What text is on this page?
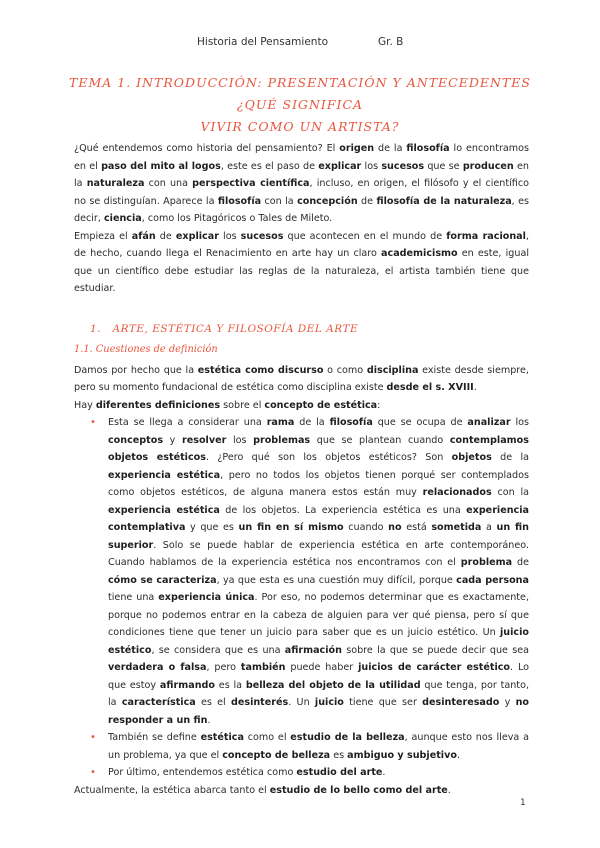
Historia del Pensamiento	Gr. B
TEMA 1. INTRODUCCIÓN: PRESENTACIÓN Y ANTECEDENTES ¿QUÉ SIGNIFICA
VIVIR COMO UN ARTISTA?

¿Qué entendemos como historia del pensamiento? El origen de la filosofía lo encontramos en el paso del mito al logos, este es el paso de explicar los sucesos que se producen en la naturaleza con una perspectiva científica, incluso, en origen, el filósofo y el científico no se distinguían. Aparece la filosofía con la concepción de filosofía de la naturaleza, es decir, ciencia, como los Pitagóricos o Tales de Mileto.

Empieza el afán de explicar los sucesos que acontecen en el mundo de forma racional, de hecho, cuando llega el Renacimiento en arte hay un claro academicismo en este, igual que un científico debe estudiar las reglas de la naturaleza, el artista también tiene que estudiar.

1. ARTE, ESTÉTICA Y FILOSOFÍA DEL ARTE
1.1. Cuestiones de definición

Damos por hecho que la estética como discurso o como disciplina existe desde siempre, pero su momento fundacional de estética como disciplina existe desde el s. XVIII.

Hay diferentes definiciones sobre el concepto de estética:

• Esta se llega a considerar una rama de la filosofía que se ocupa de analizar los conceptos y resolver los problemas que se plantean cuando contemplamos objetos estéticos. ¿Pero qué son los objetos estéticos? Son objetos de la experiencia estética, pero no todos los objetos tienen porqué ser contemplados como objetos estéticos, de alguna manera estos están muy relacionados con la experiencia estética de los objetos. La experiencia estética es una experiencia contemplativa y que es un fin en sí mismo cuando no está sometida a un fin superior. Solo se puede hablar de experiencia estética en arte contemporáneo. Cuando hablamos de la experiencia estética nos encontramos con el problema de cómo se caracteriza, ya que esta es una cuestión muy difícil, porque cada persona tiene una experiencia única. Por eso, no podemos determinar que es exactamente, porque no podemos entrar en la cabeza de alguien para ver qué piensa, pero sí que condiciones tiene que tener un juicio para saber que es un juicio estético. Un juicio estético, se considera que es una afirmación sobre la que se puede decir que sea verdadera o falsa, pero también puede haber juicios de carácter estético. Lo que estoy afirmando es la belleza del objeto de la utilidad que tenga, por tanto, la característica es el desinterés. Un juicio tiene que ser desinteresado y no responder a un fin.
• También se define estética como el estudio de la belleza, aunque esto nos lleva a un problema, ya que el concepto de belleza es ambiguo y subjetivo.
• Por último, entendemos estética como estudio del arte.

Actualmente, la estética abarca tanto el estudio de lo bello como del arte.

1
